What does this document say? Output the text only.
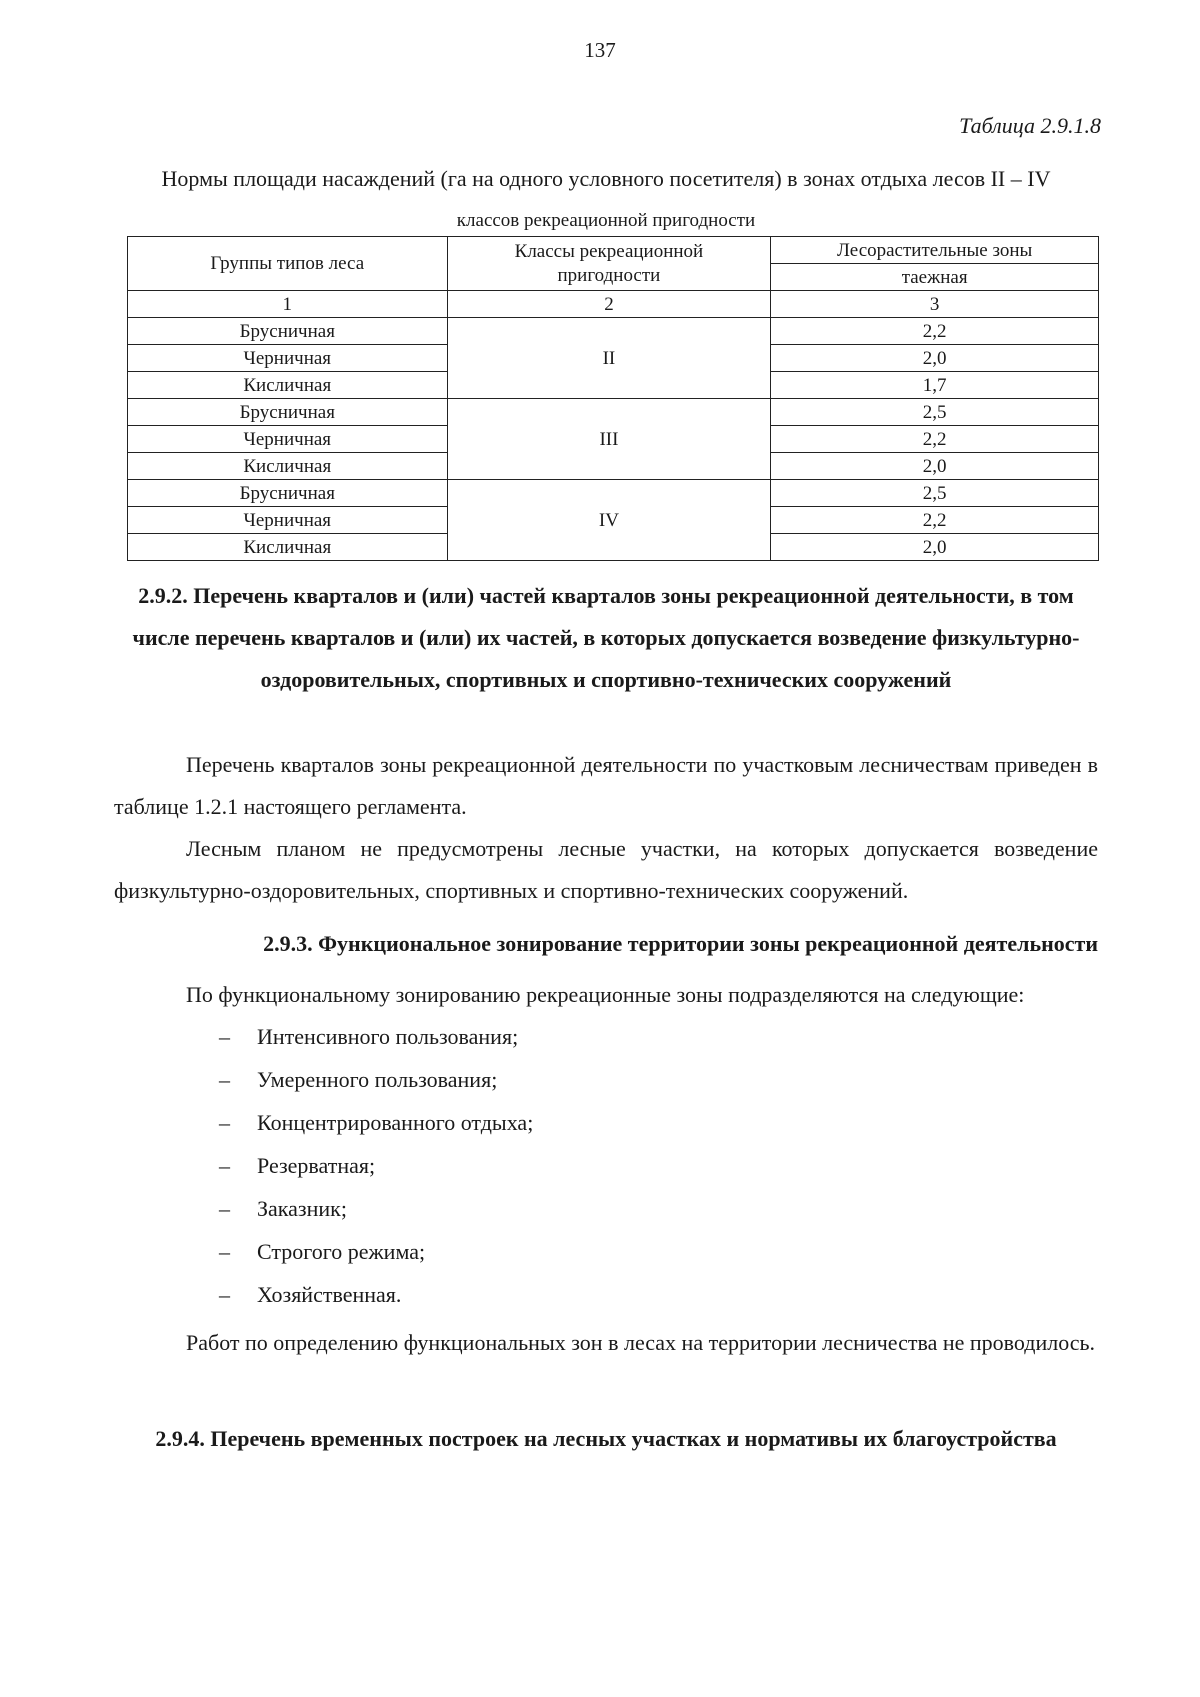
137
Таблица 2.9.1.8
Нормы площади насаждений (га на одного условного посетителя) в зонах отдыха лесов II – IV
классов рекреационной пригодности
Группы типов леса	Классы рекреационной пригодности	Лесорастительные зоны
		таежная
1	2	3
Брусничная	II	2,2
Черничная		2,0
Кисличная		1,7
Брусничная	III	2,5
Черничная		2,2
Кисличная		2,0
Брусничная	IV	2,5
Черничная		2,2
Кисличная		2,0
2.9.2. Перечень кварталов и (или) частей кварталов зоны рекреационной деятельности, в том числе перечень кварталов и (или) их частей, в которых допускается возведение физкультурно-оздоровительных, спортивных и спортивно-технических сооружений
Перечень кварталов зоны рекреационной деятельности по участковым лесничествам приведен в таблице 1.2.1 настоящего регламента.
Лесным планом не предусмотрены лесные участки, на которых допускается возведение физкультурно-оздоровительных, спортивных и спортивно-технических сооружений.
2.9.3. Функциональное зонирование территории зоны рекреационной деятельности
По функциональному зонированию рекреационные зоны подразделяются на следующие:
– Интенсивного пользования;
– Умеренного пользования;
– Концентрированного отдыха;
– Резерватная;
– Заказник;
– Строгого режима;
– Хозяйственная.
Работ по определению функциональных зон в лесах на территории лесничества не проводилось.
2.9.4. Перечень временных построек на лесных участках и нормативы их благоустройства
